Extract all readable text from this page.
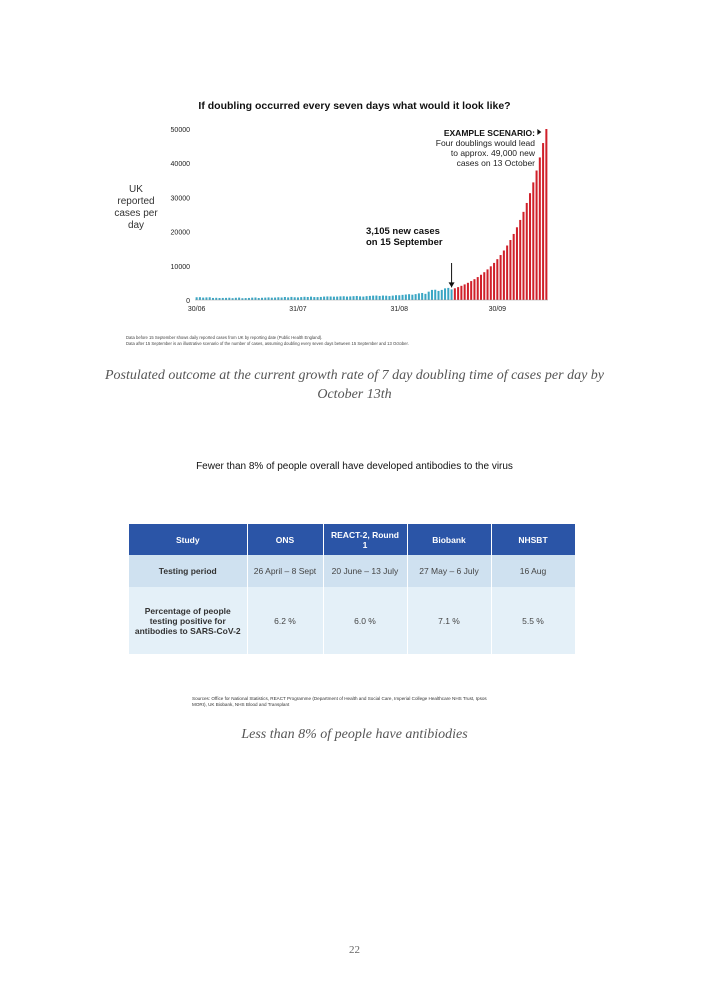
If doubling occurred every seven days what would it look like?
0
10000
20000
30000
40000
50000
30/06	31/07	31/08	30/09
UK reported cases per day
EXAMPLE SCENARIO:
Four doublings would lead
to approx. 49,000 new
cases on 13 October
3,105 new cases
on 15 September
Data before 15 September shows daily reported cases from UK by reporting date (Public Health England).
Data after 15 September is an illustrative scenario of the number of cases, assuming doubling every seven days between 15 September and 13 October.
Postulated outcome at the current growth rate of 7 day doubling time of cases per day by October 13th
Fewer than 8% of people overall have developed antibodies to the virus
Study	ONS	REACT-2, Round 1	Biobank	NHSBT
Testing period	26 April – 8 Sept	20 June – 13 July	27 May – 6 July	16 Aug
Percentage of people testing positive for antibodies to SARS-CoV-2	6.2 %	6.0 %	7.1 %	5.5 %
Sources: Office for National Statistics, REACT Programme (Department of Health and Social Care, Imperial College Healthcare NHS Trust, Ipsos MORI), UK Biobank, NHS Blood and Transplant
Less than 8% of people have antibiodies
22
